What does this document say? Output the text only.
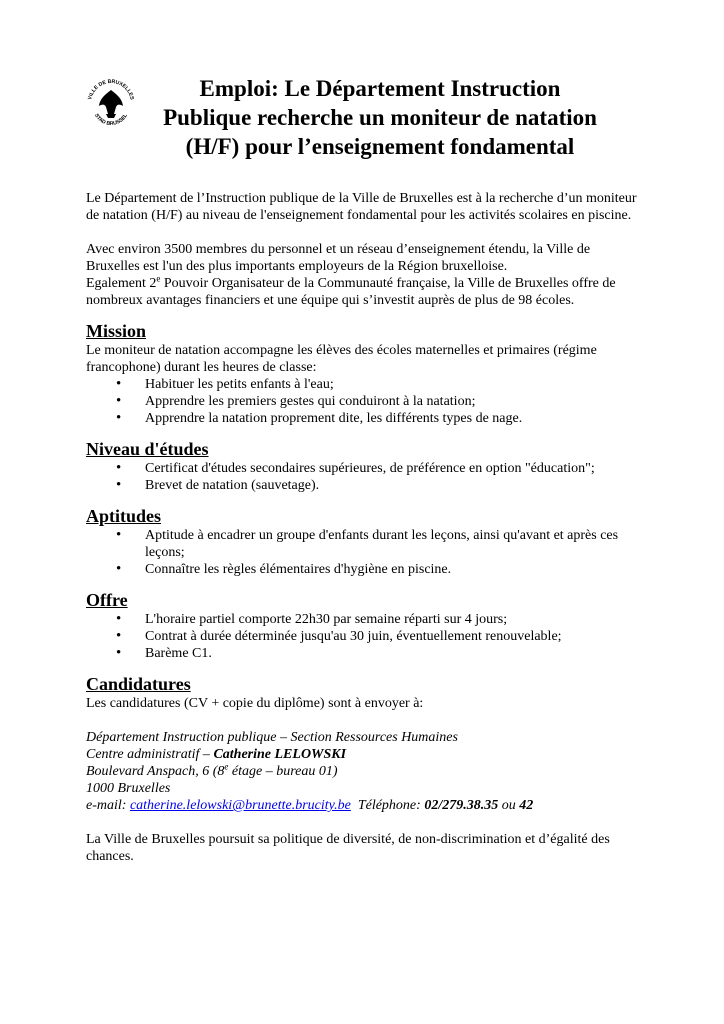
VILLE DE BRUXELLES
STAD BRUSSEL
Emploi: Le Département Instruction
Publique recherche un moniteur de natation
(H/F) pour l’enseignement fondamental

Le Département de l’Instruction publique de la Ville de Bruxelles est à la recherche d’un moniteur de natation (H/F) au niveau de l'enseignement fondamental pour les activités scolaires en piscine.

Avec environ 3500 membres du personnel et un réseau d’enseignement étendu, la Ville de Bruxelles est l'un des plus importants employeurs de la Région bruxelloise.

Egalement 2e Pouvoir Organisateur de la Communauté française, la Ville de Bruxelles offre de nombreux avantages financiers et une équipe qui s’investit auprès de plus de 98 écoles.

Mission

Le moniteur de natation accompagne les élèves des écoles maternelles et primaires (régime francophone) durant les heures de classe:

• Habituer les petits enfants à l'eau;
• Apprendre les premiers gestes qui conduiront à la natation;
• Apprendre la natation proprement dite, les différents types de nage.
Niveau d'études
• Certificat d'études secondaires supérieures, de préférence en option "éducation";
• Brevet de natation (sauvetage).
Aptitudes
• Aptitude à encadrer un groupe d'enfants durant les leçons, ainsi qu'avant et après ces leçons;
• Connaître les règles élémentaires d'hygiène en piscine.
Offre
• L'horaire partiel comporte 22h30 par semaine réparti sur 4 jours;
• Contrat à durée déterminée jusqu'au 30 juin, éventuellement renouvelable;
• Barème C1.
Candidatures

Les candidatures (CV + copie du diplôme) sont à envoyer à:

Département Instruction publique – Section Ressources Humaines

Centre administratif – Catherine LELOWSKI

Boulevard Anspach, 6 (8e étage – bureau 01)

1000 Bruxelles

e-mail: catherine.lelowski@brunette.brucity.be  Téléphone: 02/279.38.35 ou 42

La Ville de Bruxelles poursuit sa politique de diversité, de non-discrimination et d’égalité des chances.
